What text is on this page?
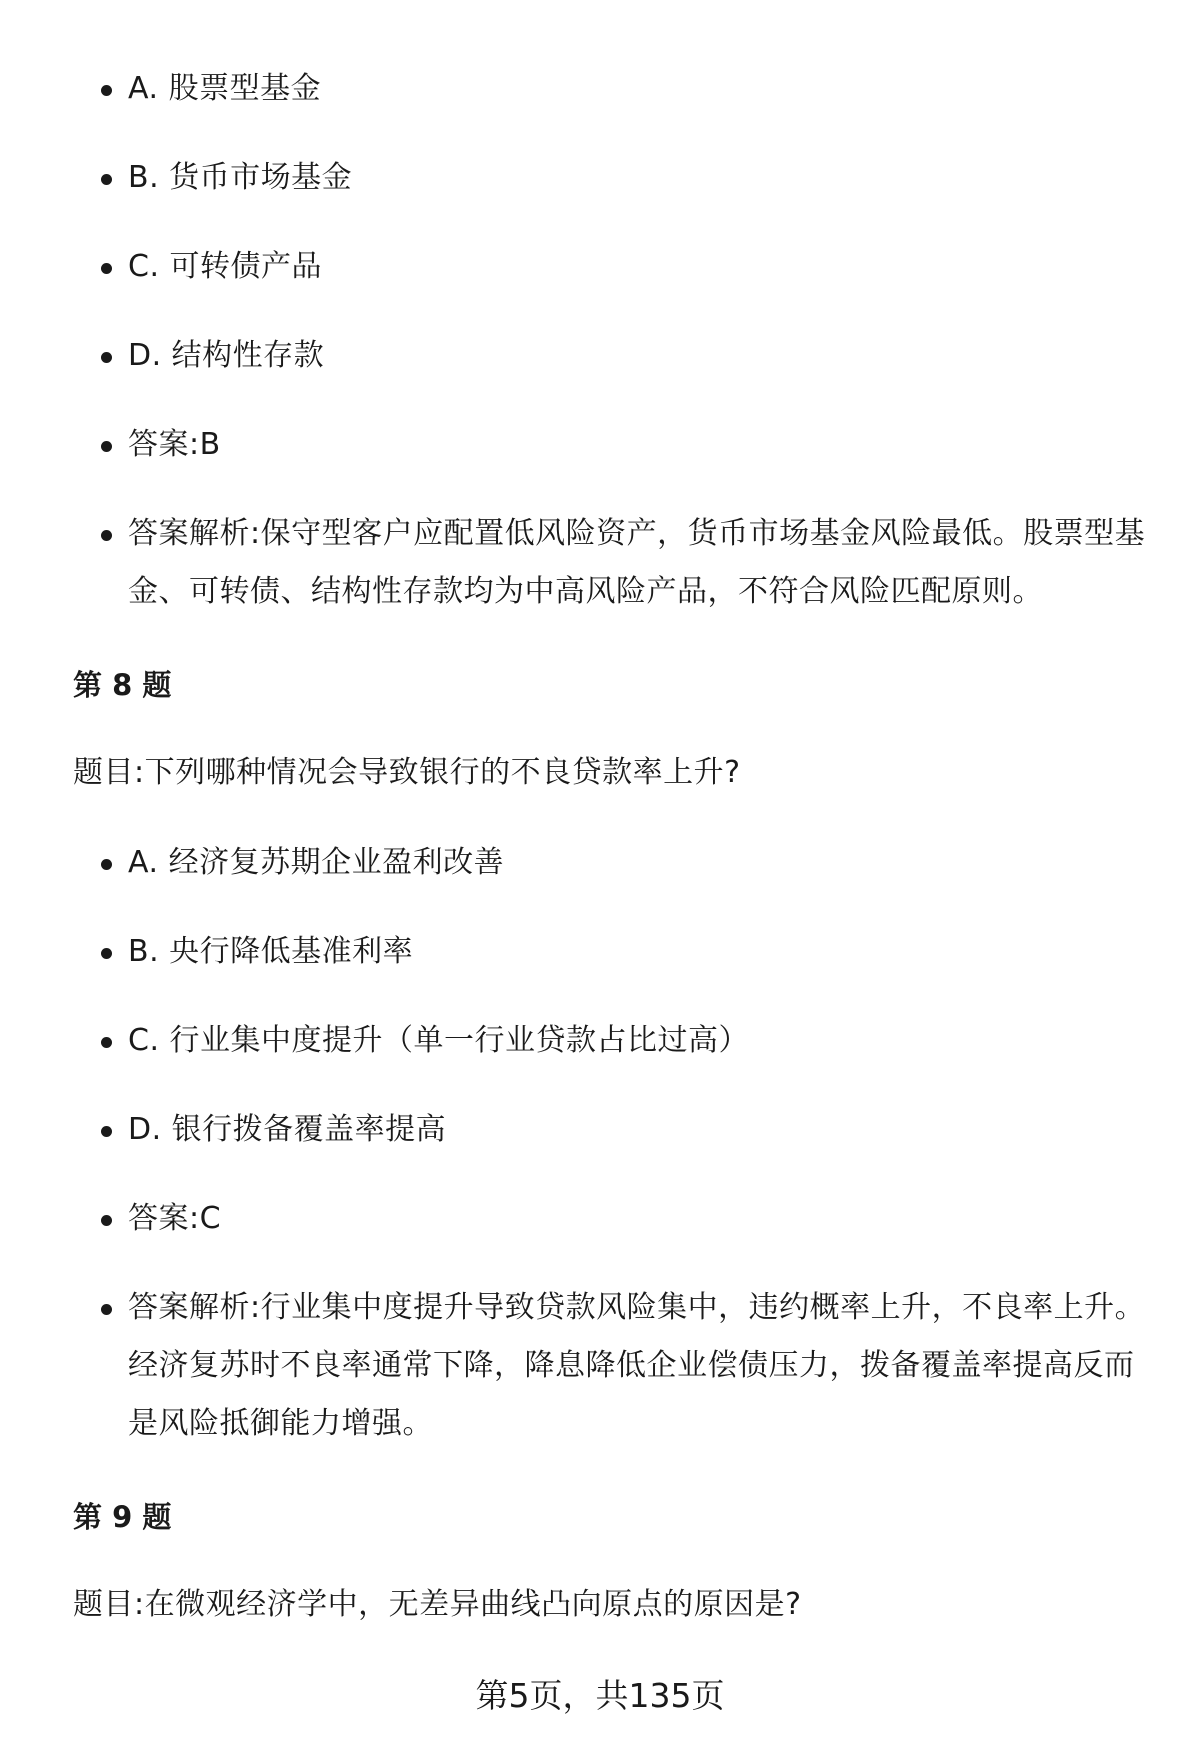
A. 股票型基金
B. 货币市场基金
C. 可转债产品
D. 结构性存款
答案:B
答案解析:保守型客户应配置低风险资产，货币市场基金风险最低。股票型基金、可转债、结构性存款均为中高风险产品，不符合风险匹配原则。
第 8 题

题目:下列哪种情况会导致银行的不良贷款率上升?

A. 经济复苏期企业盈利改善
B. 央行降低基准利率
C. 行业集中度提升（单一行业贷款占比过高）
D. 银行拨备覆盖率提高
答案:C
答案解析:行业集中度提升导致贷款风险集中，违约概率上升，不良率上升。经济复苏时不良率通常下降，降息降低企业偿债压力，拨备覆盖率提高反而是风险抵御能力增强。
第 9 题

题目:在微观经济学中，无差异曲线凸向原点的原因是?

第5页，共135页
